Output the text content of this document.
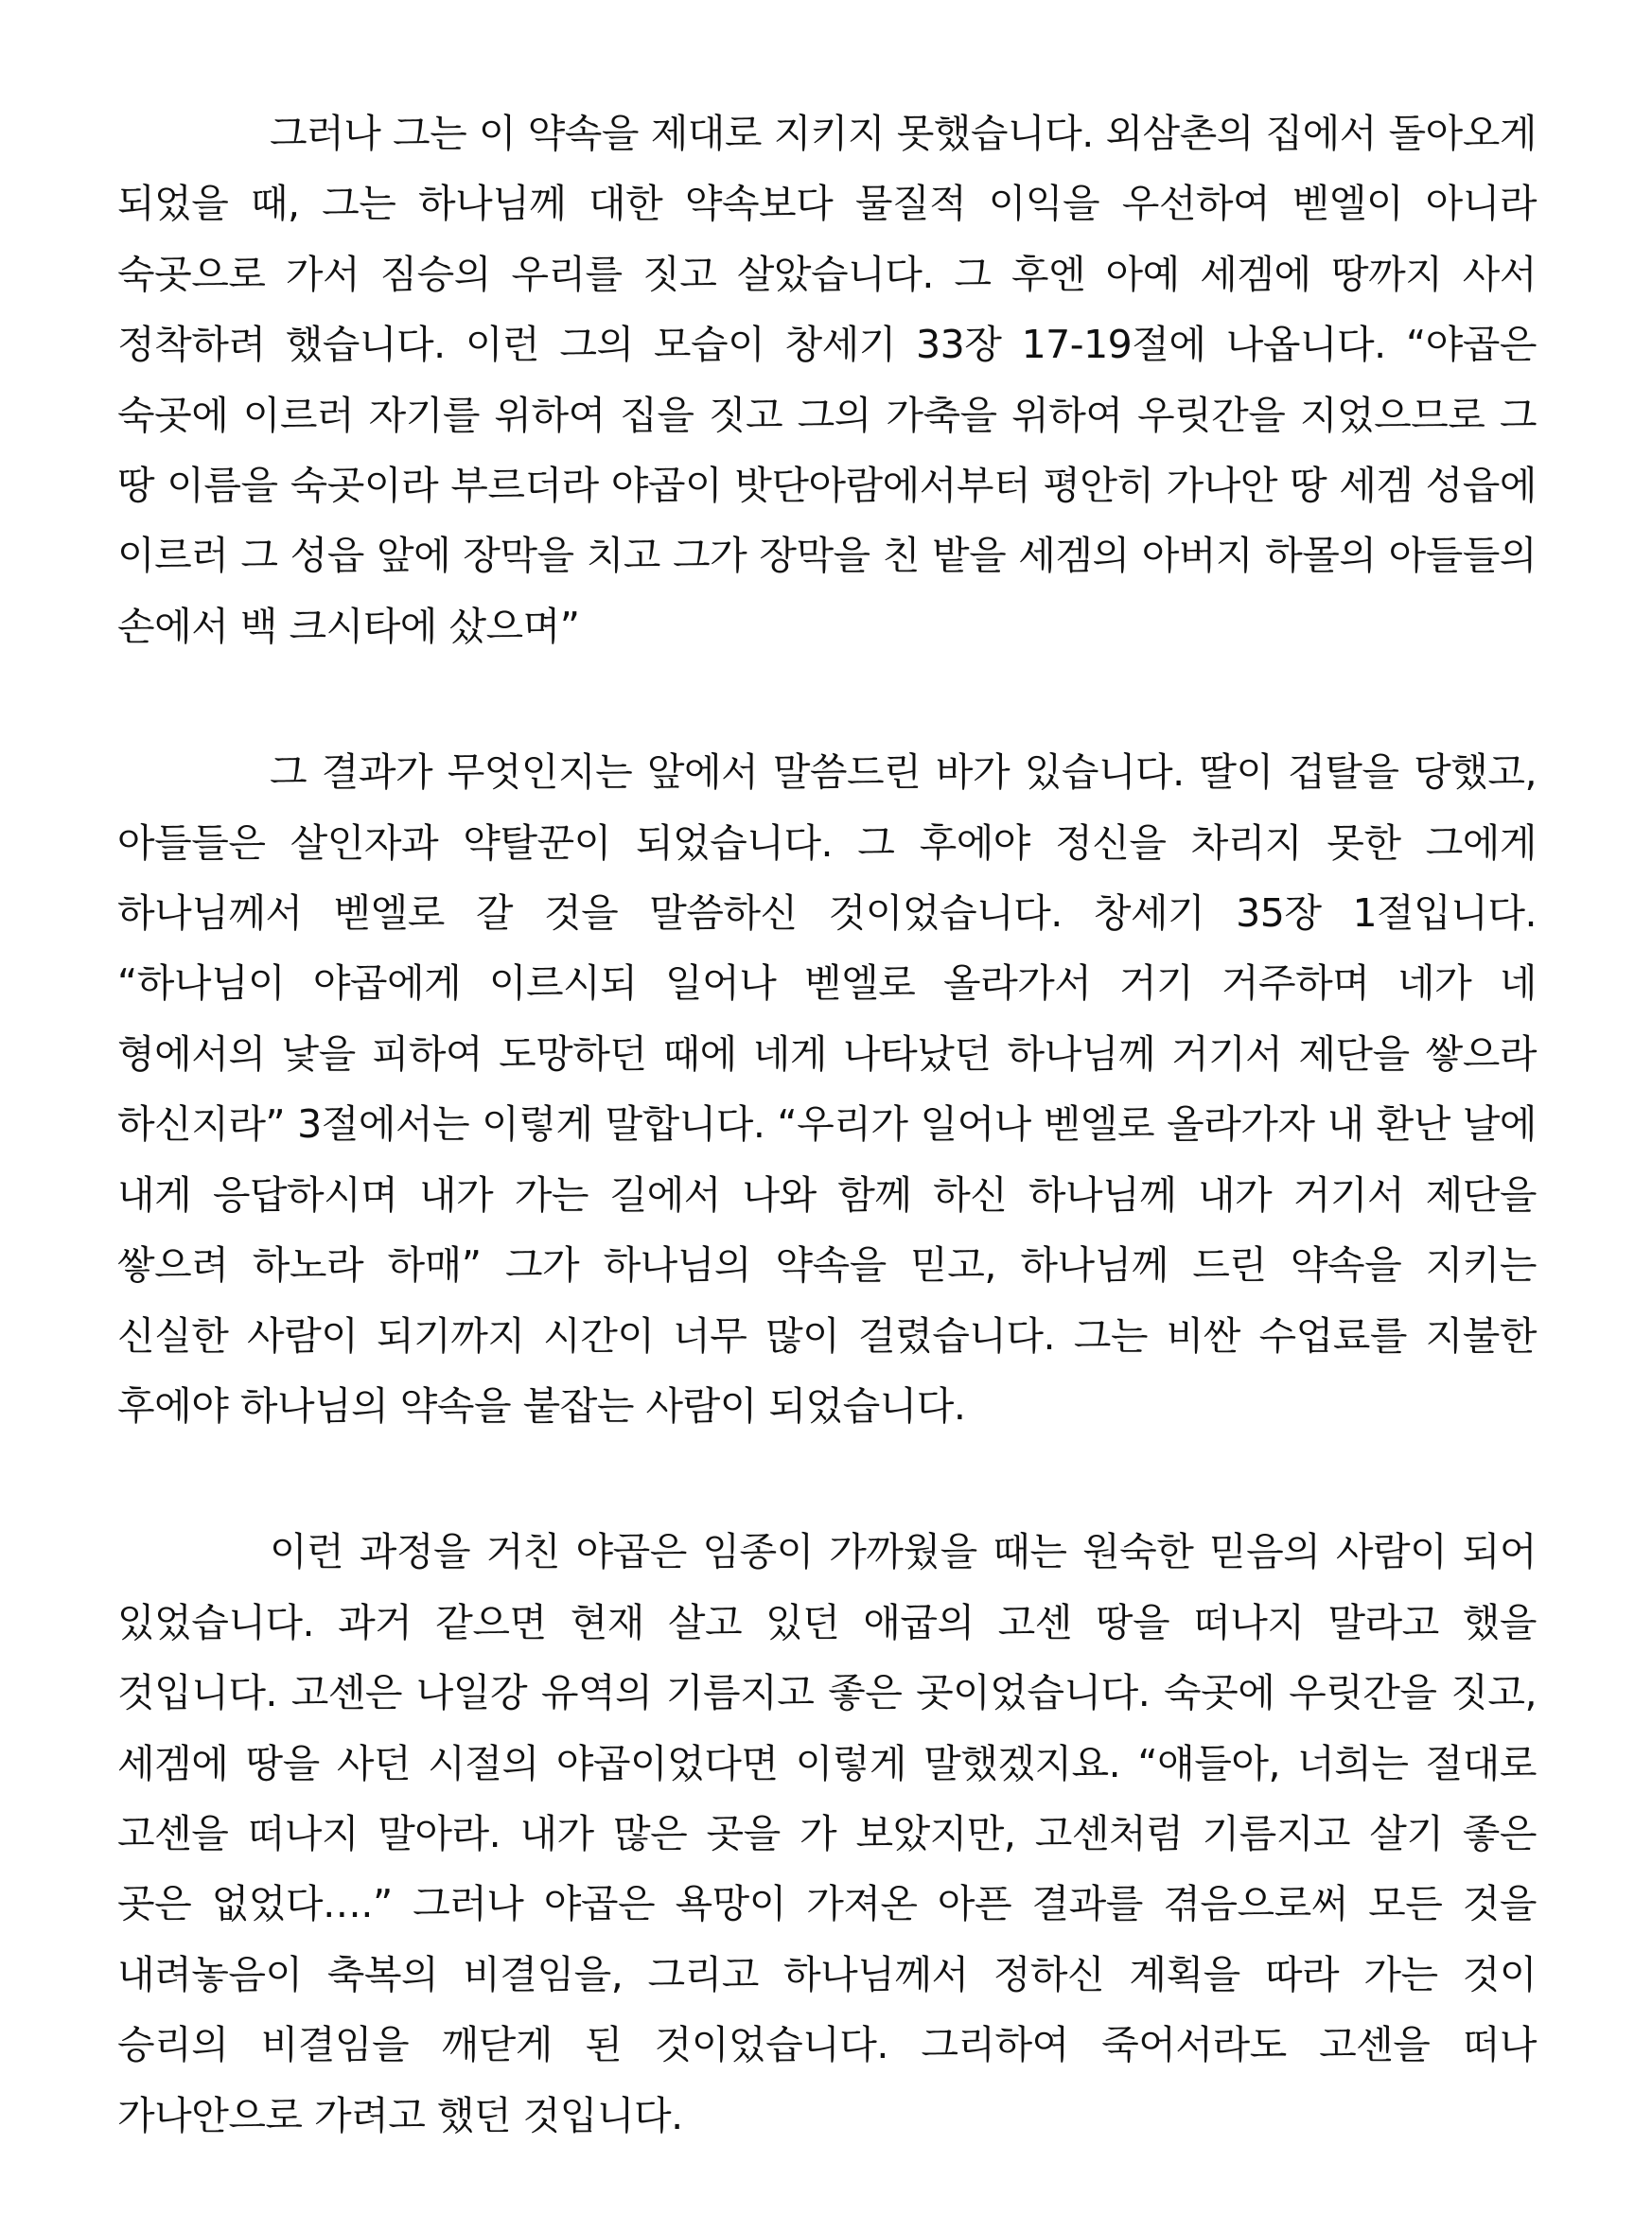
그러나 그는 이 약속을 제대로 지키지 못했습니다. 외삼촌의 집에서 돌아오게 되었을 때, 그는 하나님께 대한 약속보다 물질적 이익을 우선하여 벧엘이 아니라 숙곳으로 가서 짐승의 우리를 짓고 살았습니다. 그 후엔 아예 세겜에 땅까지 사서 정착하려 했습니다. 이런 그의 모습이 창세기 33장 17-19절에 나옵니다. “야곱은 숙곳에 이르러 자기를 위하여 집을 짓고 그의 가축을 위하여 우릿간을 지었으므로 그 땅 이름을 숙곳이라 부르더라 야곱이 밧단아람에서부터 평안히 가나안 땅 세겜 성읍에 이르러 그 성읍 앞에 장막을 치고 그가 장막을 친 밭을 세겜의 아버지 하몰의 아들들의 손에서 백 크시타에 샀으며”

그 결과가 무엇인지는 앞에서 말씀드린 바가 있습니다. 딸이 겁탈을 당했고, 아들들은 살인자과 약탈꾼이 되었습니다. 그 후에야 정신을 차리지 못한 그에게 하나님께서 벧엘로 갈 것을 말씀하신 것이었습니다. 창세기 35장 1절입니다. “하나님이 야곱에게 이르시되 일어나 벧엘로 올라가서 거기 거주하며 네가 네 형에서의 낯을 피하여 도망하던 때에 네게 나타났던 하나님께 거기서 제단을 쌓으라 하신지라” 3절에서는 이렇게 말합니다. “우리가 일어나 벧엘로 올라가자 내 환난 날에 내게 응답하시며 내가 가는 길에서 나와 함께 하신 하나님께 내가 거기서 제단을 쌓으려 하노라 하매” 그가 하나님의 약속을 믿고, 하나님께 드린 약속을 지키는 신실한 사람이 되기까지 시간이 너무 많이 걸렸습니다. 그는 비싼 수업료를 지불한 후에야 하나님의 약속을 붙잡는 사람이 되었습니다.

이런 과정을 거친 야곱은 임종이 가까웠을 때는 원숙한 믿음의 사람이 되어 있었습니다. 과거 같으면 현재 살고 있던 애굽의 고센 땅을 떠나지 말라고 했을 것입니다. 고센은 나일강 유역의 기름지고 좋은 곳이었습니다. 숙곳에 우릿간을 짓고, 세겜에 땅을 사던 시절의 야곱이었다면 이렇게 말했겠지요. “얘들아, 너희는 절대로 고센을 떠나지 말아라. 내가 많은 곳을 가 보았지만, 고센처럼 기름지고 살기 좋은 곳은 없었다….” 그러나 야곱은 욕망이 가져온 아픈 결과를 겪음으로써 모든 것을 내려놓음이 축복의 비결임을, 그리고 하나님께서 정하신 계획을 따라 가는 것이 승리의 비결임을 깨닫게 된 것이었습니다. 그리하여 죽어서라도 고센을 떠나 가나안으로 가려고 했던 것입니다.
